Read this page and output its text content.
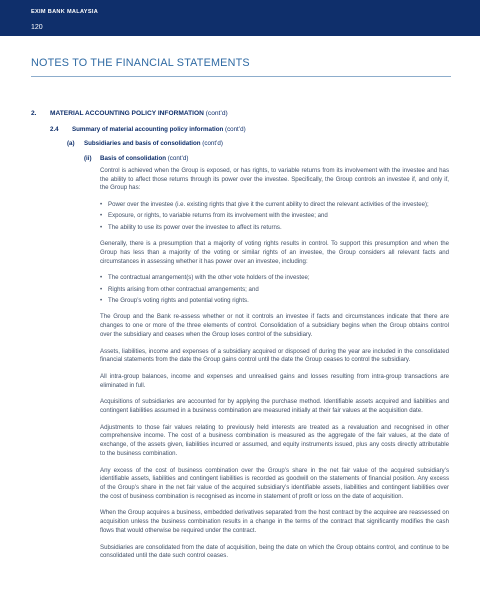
EXIM BANK MALAYSIA
120
NOTES TO THE FINANCIAL STATEMENTS
2. MATERIAL ACCOUNTING POLICY INFORMATION (cont’d)
2.4 Summary of material accounting policy information (cont’d)
(a) Subsidiaries and basis of consolidation (cont’d)
(ii) Basis of consolidation (cont’d)

Control is achieved when the Group is exposed, or has rights, to variable returns from its involvement with the investee and has the ability to affect those returns through its power over the investee. Specifically, the Group controls an investee if, and only if, the Group has:

• Power over the investee (i.e. existing rights that give it the current ability to direct the relevant activities of the investee);
• Exposure, or rights, to variable returns from its involvement with the investee; and
• The ability to use its power over the investee to affect its returns.

Generally, there is a presumption that a majority of voting rights results in control. To support this presumption and when the Group has less than a majority of the voting or similar rights of an investee, the Group considers all relevant facts and circumstances in assessing whether it has power over an investee, including:

• The contractual arrangement(s) with the other vote holders of the investee;
• Rights arising from other contractual arrangements; and
• The Group’s voting rights and potential voting rights.

The Group and the Bank re-assess whether or not it controls an investee if facts and circumstances indicate that there are changes to one or more of the three elements of control. Consolidation of a subsidiary begins when the Group obtains control over the subsidiary and ceases when the Group loses control of the subsidiary.

Assets, liabilities, income and expenses of a subsidiary acquired or disposed of during the year are included in the consolidated financial statements from the date the Group gains control until the date the Group ceases to control the subsidiary.

All intra-group balances, income and expenses and unrealised gains and losses resulting from intra-group transactions are eliminated in full.

Acquisitions of subsidiaries are accounted for by applying the purchase method. Identifiable assets acquired and liabilities and contingent liabilities assumed in a business combination are measured initially at their fair values at the acquisition date.

Adjustments to those fair values relating to previously held interests are treated as a revaluation and recognised in other comprehensive income. The cost of a business combination is measured as the aggregate of the fair values, at the date of exchange, of the assets given, liabilities incurred or assumed, and equity instruments issued, plus any costs directly attributable to the business combination.

Any excess of the cost of business combination over the Group’s share in the net fair value of the acquired subsidiary’s identifiable assets, liabilities and contingent liabilities is recorded as goodwill on the statements of financial position. Any excess of the Group’s share in the net fair value of the acquired subsidiary’s identifiable assets, liabilities and contingent liabilities over the cost of business combination is recognised as income in statement of profit or loss on the date of acquisition.

When the Group acquires a business, embedded derivatives separated from the host contract by the acquiree are reassessed on acquisition unless the business combination results in a change in the terms of the contract that significantly modifies the cash flows that would otherwise be required under the contract.

Subsidiaries are consolidated from the date of acquisition, being the date on which the Group obtains control, and continue to be consolidated until the date such control ceases.
